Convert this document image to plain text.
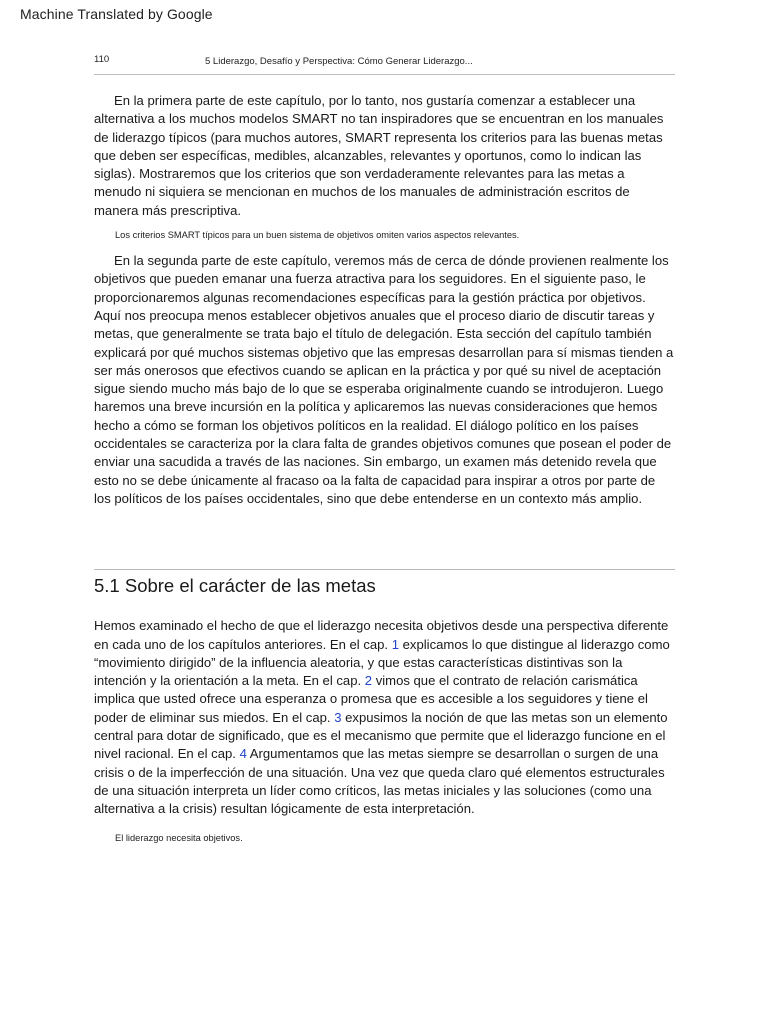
Machine Translated by Google
110	5 Liderazgo, Desafío y Perspectiva: Cómo Generar Liderazgo...

En la primera parte de este capítulo, por lo tanto, nos gustaría comenzar a establecer una alternativa a los muchos modelos SMART no tan inspiradores que se encuentran en los manuales de liderazgo típicos (para muchos autores, SMART representa los criterios para las buenas metas que deben ser específicas, medibles, alcanzables, relevantes y oportunos, como lo indican las siglas). Mostraremos que los criterios que son verdaderamente relevantes para las metas a menudo ni siquiera se mencionan en muchos de los manuales de administración escritos de manera más prescriptiva.

Los criterios SMART típicos para un buen sistema de objetivos omiten varios aspectos relevantes.

En la segunda parte de este capítulo, veremos más de cerca de dónde provienen realmente los objetivos que pueden emanar una fuerza atractiva para los seguidores. En el siguiente paso, le proporcionaremos algunas recomendaciones específicas para la gestión práctica por objetivos. Aquí nos preocupa menos establecer objetivos anuales que el proceso diario de discutir tareas y metas, que generalmente se trata bajo el título de delegación. Esta sección del capítulo también explicará por qué muchos sistemas objetivo que las empresas desarrollan para sí mismas tienden a ser más onerosos que efectivos cuando se aplican en la práctica y por qué su nivel de aceptación sigue siendo mucho más bajo de lo que se esperaba originalmente cuando se introdujeron. Luego haremos una breve incursión en la política y aplicaremos las nuevas consideraciones que hemos hecho a cómo se forman los objetivos políticos en la realidad. El diálogo político en los países occidentales se caracteriza por la clara falta de grandes objetivos comunes que posean el poder de enviar una sacudida a través de las naciones. Sin embargo, un examen más detenido revela que esto no se debe únicamente al fracaso oa la falta de capacidad para inspirar a otros por parte de los políticos de los países occidentales, sino que debe entenderse en un contexto más amplio.

5.1 Sobre el carácter de las metas

Hemos examinado el hecho de que el liderazgo necesita objetivos desde una perspectiva diferente en cada uno de los capítulos anteriores. En el cap. 1 explicamos lo que distingue al liderazgo como “movimiento dirigido” de la influencia aleatoria, y que estas características distintivas son la intención y la orientación a la meta. En el cap. 2 vimos que el contrato de relación carismática implica que usted ofrece una esperanza o promesa que es accesible a los seguidores y tiene el poder de eliminar sus miedos. En el cap. 3 expusimos la noción de que las metas son un elemento central para dotar de significado, que es el mecanismo que permite que el liderazgo funcione en el nivel racional. En el cap. 4 Argumentamos que las metas siempre se desarrollan o surgen de una crisis o de la imperfección de una situación. Una vez que queda claro qué elementos estructurales de una situación interpreta un líder como críticos, las metas iniciales y las soluciones (como una alternativa a la crisis) resultan lógicamente de esta interpretación.

El liderazgo necesita objetivos.
